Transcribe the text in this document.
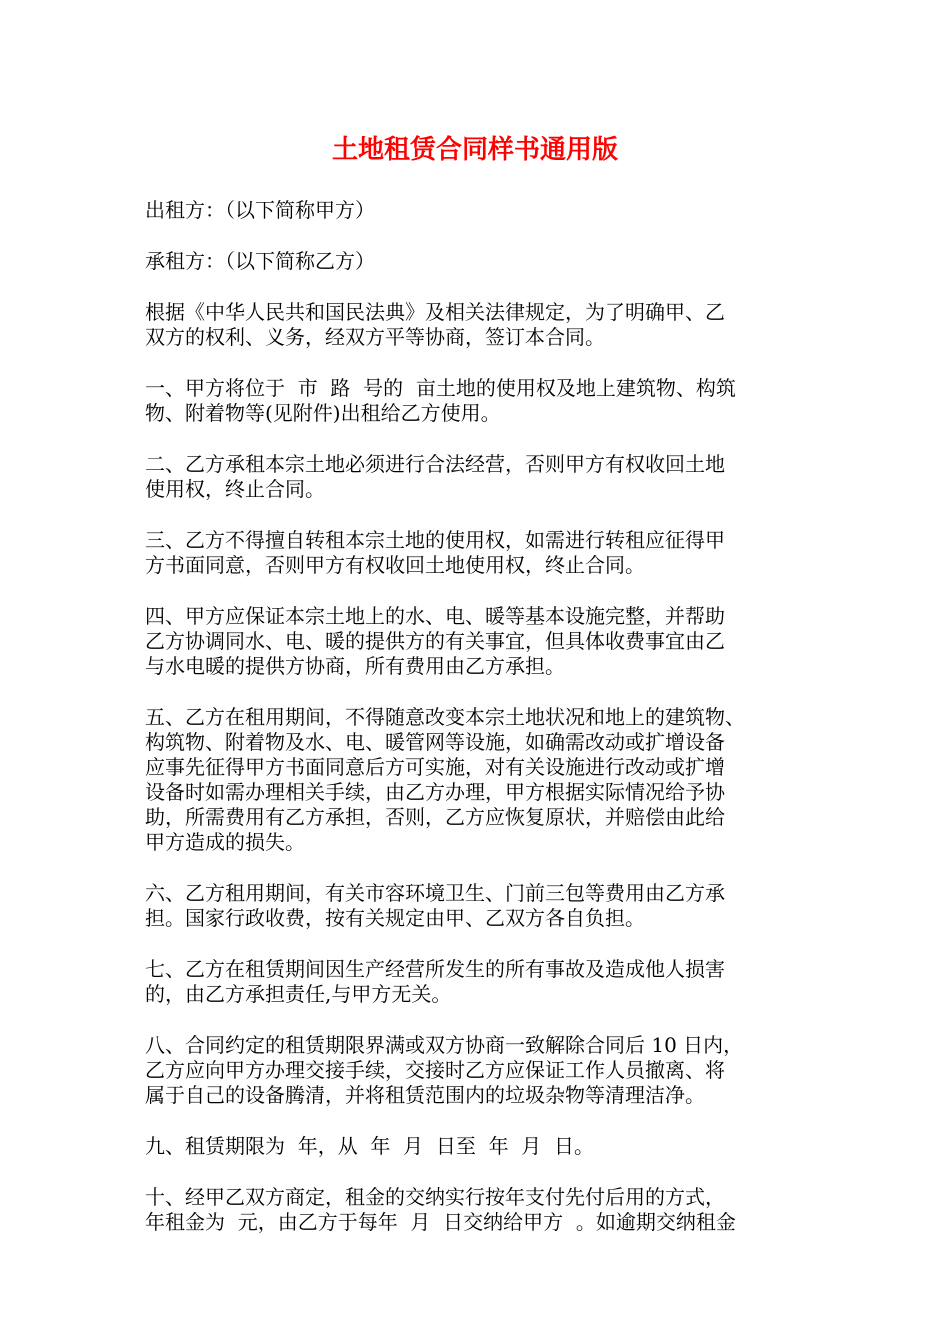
土地租赁合同样书通用版
出租方：（以下简称甲方）
承租方：（以下简称乙方）
根据《中华人民共和国民法典》及相关法律规定，为了明确甲、乙
双方的权利、义务，经双方平等协商，签订本合同。
一、甲方将位于  市  路  号的  亩土地的使用权及地上建筑物、构筑
物、附着物等(见附件)出租给乙方使用。
二、乙方承租本宗土地必须进行合法经营，否则甲方有权收回土地
使用权，终止合同。
三、乙方不得擅自转租本宗土地的使用权，如需进行转租应征得甲
方书面同意，否则甲方有权收回土地使用权，终止合同。
四、甲方应保证本宗土地上的水、电、暖等基本设施完整，并帮助
乙方协调同水、电、暖的提供方的有关事宜，但具体收费事宜由乙
与水电暖的提供方协商，所有费用由乙方承担。
五、乙方在租用期间，不得随意改变本宗土地状况和地上的建筑物、
构筑物、附着物及水、电、暖管网等设施，如确需改动或扩增设备
应事先征得甲方书面同意后方可实施，对有关设施进行改动或扩增
设备时如需办理相关手续，由乙方办理，甲方根据实际情况给予协
助，所需费用有乙方承担，否则，乙方应恢复原状，并赔偿由此给
甲方造成的损失。
六、乙方租用期间，有关市容环境卫生、门前三包等费用由乙方承
担。国家行政收费，按有关规定由甲、乙双方各自负担。
七、乙方在租赁期间因生产经营所发生的所有事故及造成他人损害
的，由乙方承担责任,与甲方无关。
八、合同约定的租赁期限界满或双方协商一致解除合同后 10 日内，
乙方应向甲方办理交接手续，交接时乙方应保证工作人员撤离、将
属于自己的设备腾清，并将租赁范围内的垃圾杂物等清理洁净。
九、租赁期限为  年，从  年  月  日至  年  月  日。
十、经甲乙双方商定，租金的交纳实行按年支付先付后用的方式，
年租金为  元，由乙方于每年  月  日交纳给甲方  。如逾期交纳租金
